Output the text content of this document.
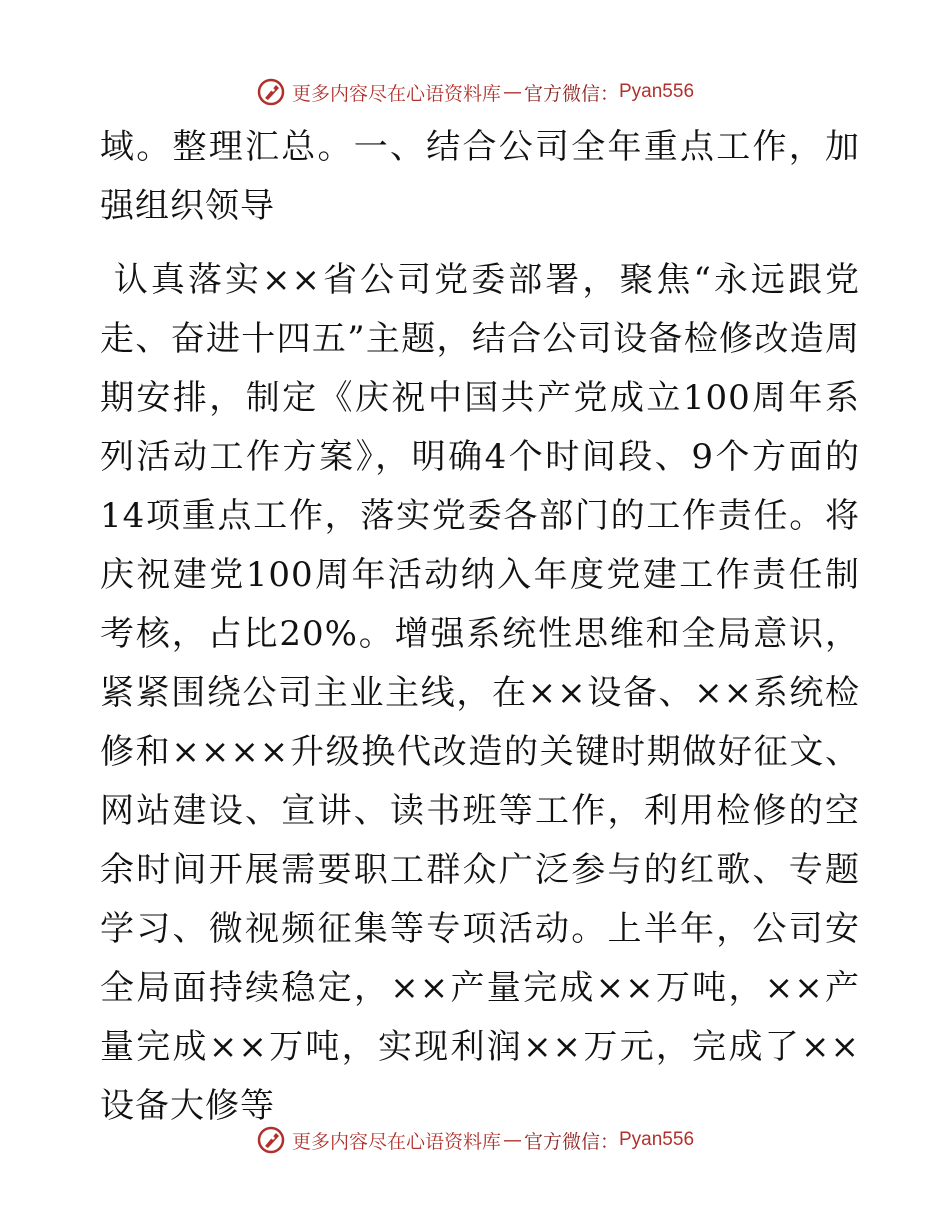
更多内容尽在心语资料库 — 官方微信： Pyan556

域。整理汇总。一、结合公司全年重点工作，加强组织领导

认真落实××省公司党委部署，聚焦“永远跟党走、奋进十四五”主题，结合公司设备检修改造周期安排，制定《庆祝中国共产党成立100周年系列活动工作方案》，明确4个时间段、9个方面的14项重点工作，落实党委各部门的工作责任。将庆祝建党100周年活动纳入年度党建工作责任制考核，占比20%。增强系统性思维和全局意识，紧紧围绕公司主业主线，在××设备、××系统检修和××××升级换代改造的关键时期做好征文、网站建设、宣讲、读书班等工作，利用检修的空余时间开展需要职工群众广泛参与的红歌、专题学习、微视频征集等专项活动。上半年，公司安全局面持续稳定，××产量完成××万吨，××产量完成××万吨，实现利润××万元，完成了××设备大修等

更多内容尽在心语资料库 — 官方微信： Pyan556
